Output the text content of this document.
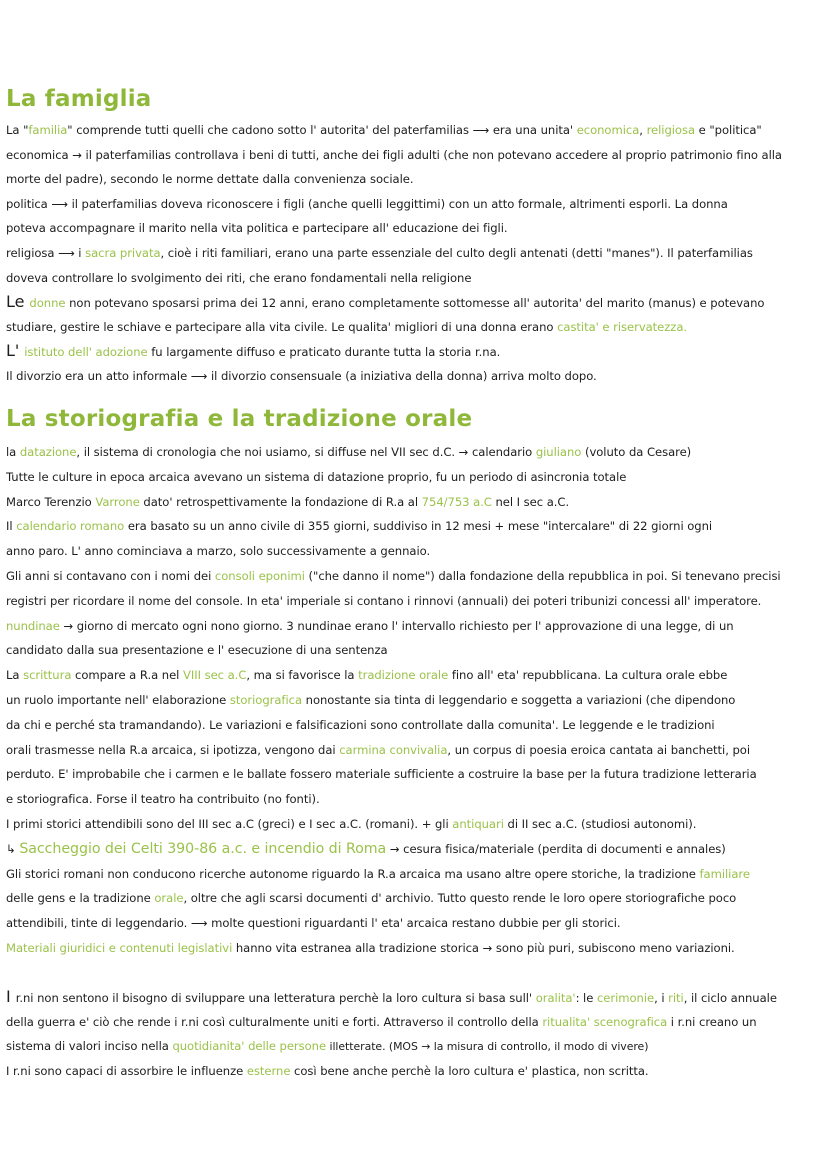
La famiglia
La "familia" comprende tutti quelli che cadono sotto l' autorita' del paterfamilias ⟶ era una unita' economica, religiosa e "politica"
economica → il paterfamilias controllava i beni di tutti, anche dei figli adulti (che non potevano accedere al proprio patrimonio fino alla
morte del padre), secondo le norme dettate dalla convenienza sociale.
politica ⟶ il paterfamilias doveva riconoscere i figli (anche quelli leggittimi) con un atto formale, altrimenti esporli. La donna
poteva accompagnare il marito nella vita politica e partecipare all' educazione dei figli.
religiosa ⟶ i sacra privata, cioè i riti familiari, erano una parte essenziale del culto degli antenati (detti "manes"). Il paterfamilias
doveva controllare lo svolgimento dei riti, che erano fondamentali nella religione
Le donne non potevano sposarsi prima dei 12 anni, erano completamente sottomesse all' autorita' del marito (manus) e potevano
studiare, gestire le schiave e partecipare alla vita civile. Le qualita' migliori di una donna erano castita' e riservatezza.
L' istituto dell' adozione fu largamente diffuso e praticato durante tutta la storia r.na.
Il divorzio era un atto informale ⟶ il divorzio consensuale (a iniziativa della donna) arriva molto dopo.
La storiografia e la tradizione orale
la datazione, il sistema di cronologia che noi usiamo, si diffuse nel VII sec d.C. → calendario giuliano (voluto da Cesare)
Tutte le culture in epoca arcaica avevano un sistema di datazione proprio, fu un periodo di asincronia totale
Marco Terenzio Varrone dato' retrospettivamente la fondazione di R.a al 754/753 a.C nel I sec a.C.
Il calendario romano era basato su un anno civile di 355 giorni, suddiviso in 12 mesi + mese "intercalare" di 22 giorni ogni
anno paro. L' anno cominciava a marzo, solo successivamente a gennaio.
Gli anni si contavano con i nomi dei consoli eponimi ("che danno il nome") dalla fondazione della repubblica in poi. Si tenevano precisi
registri per ricordare il nome del console. In eta' imperiale si contano i rinnovi (annuali) dei poteri tribunizi concessi all' imperatore.
nundinae → giorno di mercato ogni nono giorno. 3 nundinae erano l' intervallo richiesto per l' approvazione di una legge, di un
candidato dalla sua presentazione e l' esecuzione di una sentenza
La scrittura compare a R.a nel VIII sec a.C, ma si favorisce la tradizione orale fino all' eta' repubblicana. La cultura orale ebbe
un ruolo importante nell' elaborazione storiografica nonostante sia tinta di leggendario e soggetta a variazioni (che dipendono
da chi e perché sta tramandando). Le variazioni e falsificazioni sono controllate dalla comunita'. Le leggende e le tradizioni
orali trasmesse nella R.a arcaica, si ipotizza, vengono dai carmina convivalia, un corpus di poesia eroica cantata ai banchetti, poi
perduto. E' improbabile che i carmen e le ballate fossero materiale sufficiente a costruire la base per la futura tradizione letteraria
e storiografica. Forse il teatro ha contribuito (no fonti).
I primi storici attendibili sono del III sec a.C (greci) e I sec a.C. (romani). + gli antiquari di II sec a.C. (studiosi autonomi).
↳ Saccheggio dei Celti 390-86 a.c. e incendio di Roma → cesura fisica/materiale (perdita di documenti e annales)
Gli storici romani non conducono ricerche autonome riguardo la R.a arcaica ma usano altre opere storiche, la tradizione familiare
delle gens e la tradizione orale, oltre che agli scarsi documenti d' archivio. Tutto questo rende le loro opere storiografiche poco
attendibili, tinte di leggendario. ⟶ molte questioni riguardanti l' eta' arcaica restano dubbie per gli storici.
Materiali giuridici e contenuti legislativi hanno vita estranea alla tradizione storica → sono più puri, subiscono meno variazioni.
I r.ni non sentono il bisogno di sviluppare una letteratura perchè la loro cultura si basa sull' oralita': le cerimonie, i riti, il ciclo annuale
della guerra e' ciò che rende i r.ni così culturalmente uniti e forti. Attraverso il controllo della ritualita' scenografica i r.ni creano un
sistema di valori inciso nella quotidianita' delle persone illetterate. (MOS → la misura di controllo, il modo di vivere)
I r.ni sono capaci di assorbire le influenze esterne così bene anche perchè la loro cultura e' plastica, non scritta.
